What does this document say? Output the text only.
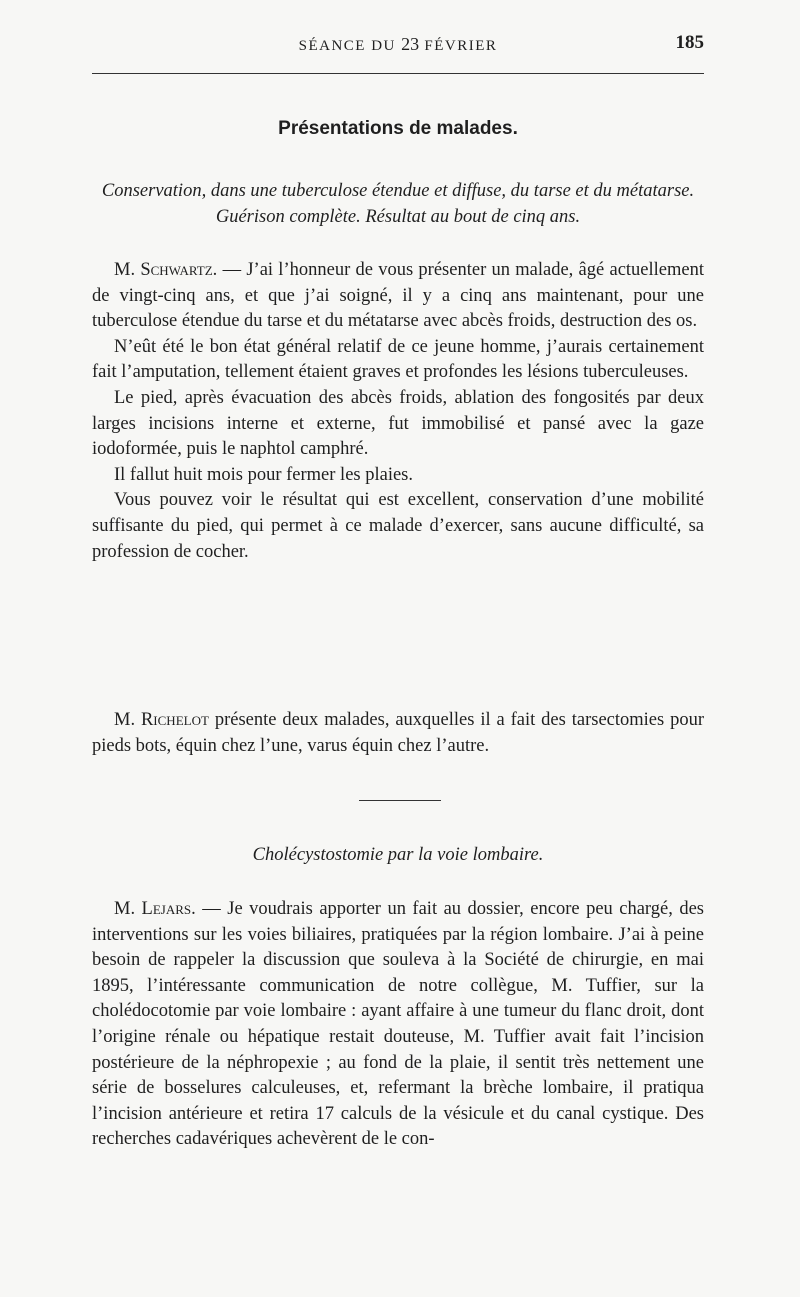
SÉANCE DU 23 FÉVRIER	185
Présentations de malades.
Conservation, dans une tuberculose étendue et diffuse, du tarse et du métatarse. Guérison complète. Résultat au bout de cinq ans.

M. Schwartz. — J’ai l’honneur de vous présenter un malade, âgé actuellement de vingt-cinq ans, et que j’ai soigné, il y a cinq ans maintenant, pour une tuberculose étendue du tarse et du métatarse avec abcès froids, destruction des os.

N’eût été le bon état général relatif de ce jeune homme, j’aurais certainement fait l’amputation, tellement étaient graves et profondes les lésions tuberculeuses.

Le pied, après évacuation des abcès froids, ablation des fongosités par deux larges incisions interne et externe, fut immobilisé et pansé avec la gaze iodoformée, puis le naphtol camphré.

Il fallut huit mois pour fermer les plaies.

Vous pouvez voir le résultat qui est excellent, conservation d’une mobilité suffisante du pied, qui permet à ce malade d’exercer, sans aucune difficulté, sa profession de cocher.

M. Richelot présente deux malades, auxquelles il a fait des tarsectomies pour pieds bots, équin chez l’une, varus équin chez l’autre.

Cholécystostomie par la voie lombaire.

M. Lejars. — Je voudrais apporter un fait au dossier, encore peu chargé, des interventions sur les voies biliaires, pratiquées par la région lombaire. J’ai à peine besoin de rappeler la discussion que souleva à la Société de chirurgie, en mai 1895, l’intéressante communication de notre collègue, M. Tuffier, sur la cholédocotomie par voie lombaire : ayant affaire à une tumeur du flanc droit, dont l’origine rénale ou hépatique restait douteuse, M. Tuffier avait fait l’incision postérieure de la néphropexie ; au fond de la plaie, il sentit très nettement une série de bosselures calculeuses, et, refermant la brèche lombaire, il pratiqua l’incision antérieure et retira 17 calculs de la vésicule et du canal cystique. Des recherches cadavériques achevèrent de le con-
